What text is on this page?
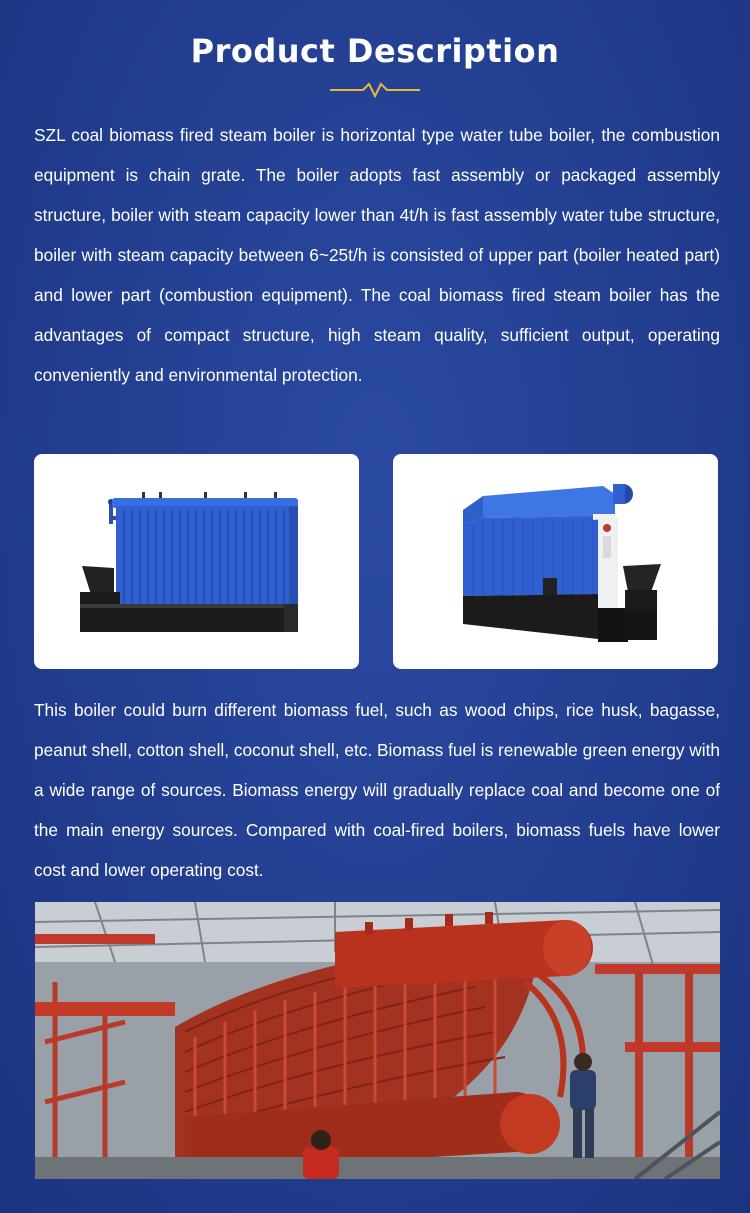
Product Description

SZL coal biomass fired steam boiler is horizontal type water tube boiler, the combustion equipment is chain grate. The boiler adopts fast assembly or packaged assembly structure, boiler with steam capacity lower than 4t/h is fast assembly water tube structure, boiler with steam capacity between 6~25t/h is consisted of upper part (boiler heated part) and lower part (combustion equipment). The coal biomass fired steam boiler has the advantages of compact structure, high steam quality, sufficient output, operating conveniently and environmental protection.

This boiler could burn different biomass fuel, such as wood chips, rice husk, bagasse, peanut shell, cotton shell, coconut shell, etc. Biomass fuel is renewable green energy with a wide range of sources. Biomass energy will gradually replace coal and become one of the main energy sources. Compared with coal-fired boilers, biomass fuels have lower cost and lower operating cost.
